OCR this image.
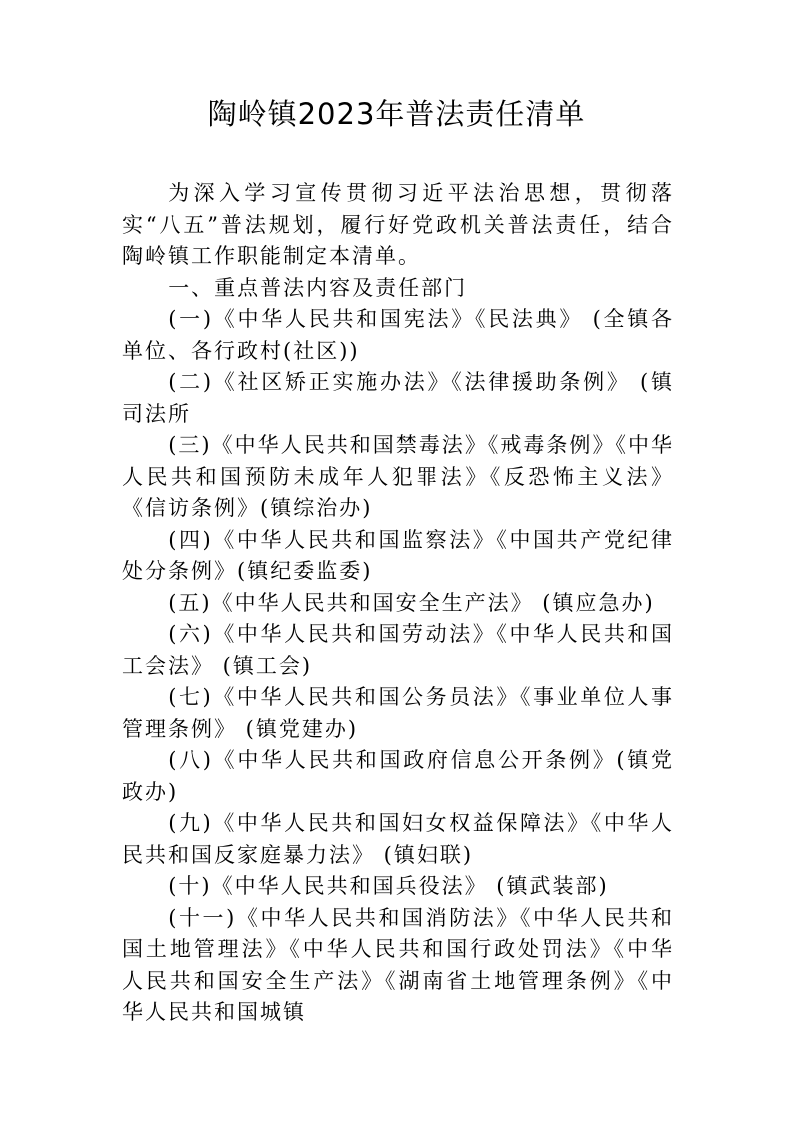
陶岭镇2023年普法责任清单

为深入学习宣传贯彻习近平法治思想，贯彻落实“八五”普法规划，履行好党政机关普法责任，结合陶岭镇工作职能制定本清单。

一、重点普法内容及责任部门

(一)《中华人民共和国宪法》《民法典》 (全镇各单位、各行政村(社区))

(二)《社区矫正实施办法》《法律援助条例》 (镇司法所

(三)《中华人民共和国禁毒法》《戒毒条例》《中华人民共和国预防未成年人犯罪法》《反恐怖主义法》《信访条例》(镇综治办)

(四)《中华人民共和国监察法》《中国共产党纪律处分条例》(镇纪委监委)

(五)《中华人民共和国安全生产法》 (镇应急办)

(六)《中华人民共和国劳动法》《中华人民共和国工会法》 (镇工会)

(七)《中华人民共和国公务员法》《事业单位人事管理条例》 (镇党建办)

(八)《中华人民共和国政府信息公开条例》(镇党政办)

(九)《中华人民共和国妇女权益保障法》《中华人民共和国反家庭暴力法》 (镇妇联)

(十)《中华人民共和国兵役法》 (镇武装部)

(十一)《中华人民共和国消防法》《中华人民共和国土地管理法》《中华人民共和国行政处罚法》《中华人民共和国安全生产法》《湖南省土地管理条例》《中华人民共和国城镇
